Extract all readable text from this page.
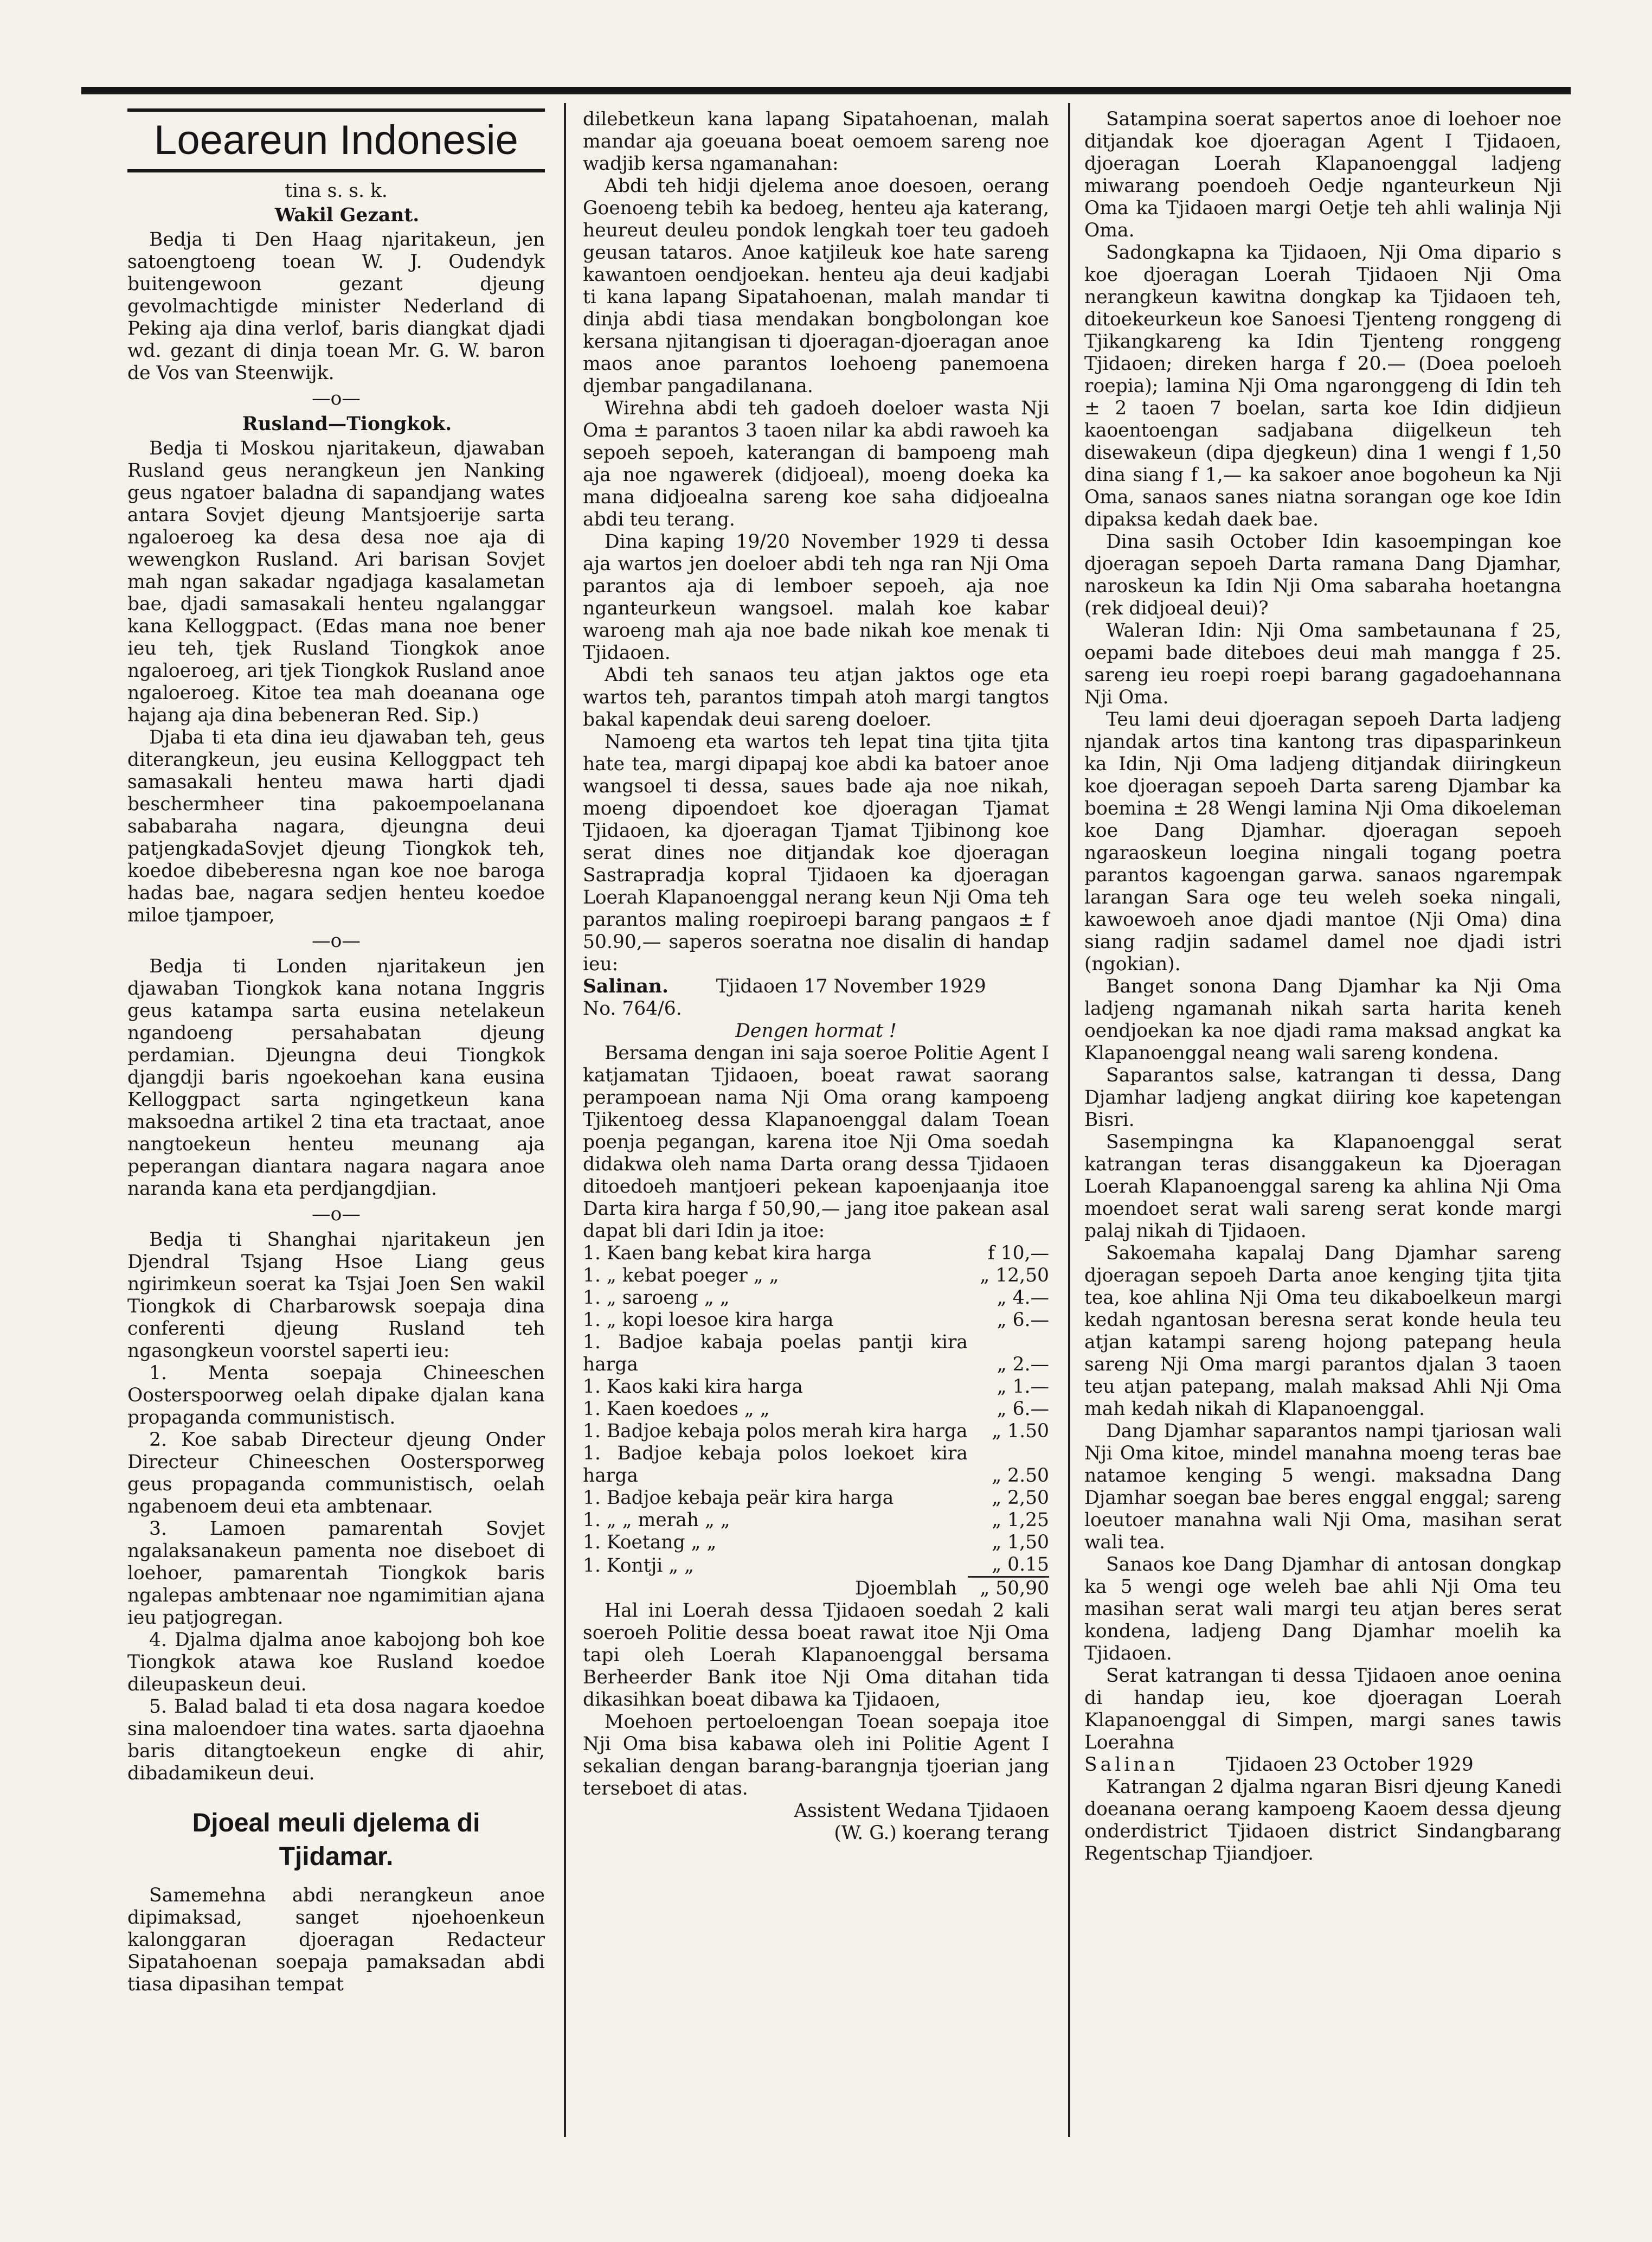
Loeareun Indonesie

tina s. s. k.

Wakil Gezant.

Bedja ti Den Haag njaritakeun, jen satoengtoeng toean W. J. Oudendyk buitengewoon gezant djeung gevolmachtigde minister Nederland di Peking aja dina verlof, baris diangkat djadi wd. gezant di dinja toean Mr. G. W. baron de Vos van Steenwijk.

—o—

Rusland—Tiongkok.

Bedja ti Moskou njaritakeun, djawaban Rusland geus nerangkeun jen Nanking geus ngatoer baladna di sapandjang wates antara Sovjet djeung Mantsjoerije sarta ngaloeroeg ka desa desa noe aja di wewengkon Rusland. Ari barisan Sovjet mah ngan sakadar ngadjaga kasalametan bae, djadi samasakali henteu ngalanggar kana Kelloggpact. (Edas mana noe bener ieu teh, tjek Rusland Tiongkok anoe ngaloeroeg, ari tjek Tiongkok Rusland anoe ngaloeroeg. Kitoe tea mah doeanana oge hajang aja dina bebeneran Red. Sip.)

Djaba ti eta dina ieu djawaban teh, geus diterangkeun, jeu eusina Kelloggpact teh samasakali henteu mawa harti djadi beschermheer tina pakoempoelanana sababaraha nagara, djeungna deui patjengkadaSovjet djeung Tiongkok teh, koedoe dibeberesna ngan koe noe baroga hadas bae, nagara sedjen henteu koedoe miloe tjampoer,

—o—

Bedja ti Londen njaritakeun jen djawaban Tiongkok kana notana Inggris geus katampa sarta eusina netelakeun ngandoeng persahabatan djeung perdamian. Djeungna deui Tiongkok djangdji baris ngoekoehan kana eusina Kelloggpact sarta ngingetkeun kana maksoedna artikel 2 tina eta tractaat, anoe nangtoekeun henteu meunang aja peperangan diantara nagara nagara anoe naranda kana eta perdjangdjian.

—o—

Bedja ti Shanghai njaritakeun jen Djendral Tsjang Hsoe Liang geus ngirimkeun soerat ka Tsjai Joen Sen wakil Tiongkok di Charbarowsk soepaja dina conferenti djeung Rusland teh ngasongkeun voorstel saperti ieu:

1. Menta soepaja Chineeschen Oosterspoorweg oelah dipake djalan kana propaganda communistisch.

2. Koe sabab Directeur djeung Onder Directeur Chineeschen Oostersporweg geus propaganda communistisch, oelah ngabenoem deui eta ambtenaar.

3. Lamoen pamarentah Sovjet ngalaksanakeun pamenta noe diseboet di loehoer, pamarentah Tiongkok baris ngalepas ambtenaar noe ngamimitian ajana ieu patjogregan.

4. Djalma djalma anoe kabojong boh koe Tiongkok atawa koe Rusland koedoe dileupaskeun deui.

5. Balad balad ti eta dosa nagara koedoe sina maloendoer tina wates. sarta djaoehna baris ditangtoekeun engke di ahir, dibadamikeun deui.

Djoeal meuli djelema di
Tjidamar.

Samemehna abdi nerangkeun anoe dipimaksad, sanget njoehoenkeun kalonggaran djoeragan Redacteur Sipatahoenan soepaja pamaksadan abdi tiasa dipasihan tempat

dilebetkeun kana lapang Sipatahoenan, malah mandar aja goeuana boeat oemoem sareng noe wadjib kersa ngamanahan:

Abdi teh hidji djelema anoe doesoen, oerang Goenoeng tebih ka bedoeg, henteu aja katerang, heureut deuleu pondok lengkah toer teu gadoeh geusan tataros. Anoe katjileuk koe hate sareng kawantoen oendjoekan. henteu aja deui kadjabi ti kana lapang Sipatahoenan, malah mandar ti dinja abdi tiasa mendakan bongbolongan koe kersana njitangisan ti djoeragan-djoeragan anoe maos anoe parantos loehoeng panemoena djembar pangadilanana.

Wirehna abdi teh gadoeh doeloer wasta Nji Oma ± parantos 3 taoen nilar ka abdi rawoeh ka sepoeh sepoeh, katerangan di bampoeng mah aja noe ngawerek (didjoeal), moeng doeka ka mana didjoealna sareng koe saha didjoealna abdi teu terang.

Dina kaping 19/20 November 1929 ti dessa aja wartos jen doeloer abdi teh nga ran Nji Oma parantos aja di lemboer sepoeh, aja noe nganteurkeun wangsoel. malah koe kabar waroeng mah aja noe bade nikah koe menak ti Tjidaoen.

Abdi teh sanaos teu atjan jaktos oge eta wartos teh, parantos timpah atoh margi tangtos bakal kapendak deui sareng doeloer.

Namoeng eta wartos teh lepat tina tjita tjita hate tea, margi dipapaj koe abdi ka batoer anoe wangsoel ti dessa, saues bade aja noe nikah, moeng dipoendoet koe djoeragan Tjamat Tjidaoen, ka djoeragan Tjamat Tjibinong koe serat dines noe ditjandak koe djoeragan Sastrapradja kopral Tjidaoen ka djoeragan Loerah Klapanoenggal nerang keun Nji Oma teh parantos maling roepiroepi barang pangaos ± f 50.90,— saperos soeratna noe disalin di handap ieu:

Salinan.	Tjidaoen 17 November 1929

No. 764/6.

Dengen hormat !

Bersama dengan ini saja soeroe Politie Agent I katjamatan Tjidaoen, boeat rawat saorang perampoean nama Nji Oma orang kampoeng Tjikentoeg dessa Klapanoenggal dalam Toean poenja pegangan, karena itoe Nji Oma soedah didakwa oleh nama Darta orang dessa Tjidaoen ditoedoeh mantjoeri pekean kapoenjaanja itoe Darta kira harga f 50,90,— jang itoe pakean asal dapat bli dari Idin ja itoe:

1. Kaen bang kebat kira harga	f 10,—
1. „ kebat poeger „ „	„ 12,50
1. „ saroeng „ „	„ 4.—
1. „ kopi loesoe kira harga	„ 6.—
1. Badjoe kabaja poelas pantji kira harga	„ 2.—
1. Kaos kaki kira harga	„ 1.—
1. Kaen koedoes „ „	„ 6.—
1. Badjoe kebaja polos merah kira harga	„ 1.50
1. Badjoe kebaja polos loekoet kira harga	„ 2.50
1. Badjoe kebaja peär kira harga	„ 2,50
1. „ „ merah „ „	„ 1,25
1. Koetang „ „	„ 1,50
1. Kontji „ „	„ 0.15
Djoemblah	„ 50,90

Hal ini Loerah dessa Tjidaoen soedah 2 kali soeroeh Politie dessa boeat rawat itoe Nji Oma tapi oleh Loerah Klapanoenggal bersama Berheerder Bank itoe Nji Oma ditahan tida dikasihkan boeat dibawa ka Tjidaoen,

Moehoen pertoeloengan Toean soepaja itoe Nji Oma bisa kabawa oleh ini Politie Agent I sekalian dengan barang-barangnja tjoerian jang terseboet di atas.

Assistent Wedana Tjidaoen

(W. G.) koerang terang

Satampina soerat sapertos anoe di loehoer noe ditjandak koe djoeragan Agent I Tjidaoen, djoeragan Loerah Klapanoenggal ladjeng miwarang poendoeh Oedje nganteurkeun Nji Oma ka Tjidaoen margi Oetje teh ahli walinja Nji Oma.

Sadongkapna ka Tjidaoen, Nji Oma dipario s koe djoeragan Loerah Tjidaoen Nji Oma nerangkeun kawitna dongkap ka Tjidaoen teh, ditoekeurkeun koe Sanoesi Tjenteng ronggeng di Tjikangkareng ka Idin Tjenteng ronggeng Tjidaoen; direken harga f 20.— (Doea poeloeh roepia); lamina Nji Oma ngaronggeng di Idin teh ± 2 taoen 7 boelan, sarta koe Idin didjieun kaoentoengan sadjabana diigelkeun teh disewakeun (dipa djegkeun) dina 1 wengi f 1,50 dina siang f 1,— ka sakoer anoe bogoheun ka Nji Oma, sanaos sanes niatna sorangan oge koe Idin dipaksa kedah daek bae.

Dina sasih October Idin kasoempingan koe djoeragan sepoeh Darta ramana Dang Djamhar, naroskeun ka Idin Nji Oma sabaraha hoetangna (rek didjoeal deui)?

Waleran Idin: Nji Oma sambetaunana f 25, oepami bade diteboes deui mah mangga f 25. sareng ieu roepi roepi barang gagadoehannana Nji Oma.

Teu lami deui djoeragan sepoeh Darta ladjeng njandak artos tina kantong tras dipasparinkeun ka Idin, Nji Oma ladjeng ditjandak diiringkeun koe djoeragan sepoeh Darta sareng Djambar ka boemina ± 28 Wengi lamina Nji Oma dikoeleman koe Dang Djamhar. djoeragan sepoeh ngaraoskeun loegina ningali togang poetra parantos kagoengan garwa. sanaos ngarempak larangan Sara oge teu weleh soeka ningali, kawoewoeh anoe djadi mantoe (Nji Oma) dina siang radjin sadamel damel noe djadi istri (ngokian).

Banget sonona Dang Djamhar ka Nji Oma ladjeng ngamanah nikah sarta harita keneh oendjoekan ka noe djadi rama maksad angkat ka Klapanoenggal neang wali sareng kondena.

Saparantos salse, katrangan ti dessa, Dang Djamhar ladjeng angkat diiring koe kapetengan Bisri.

Sasempingna ka Klapanoenggal serat katrangan teras disanggakeun ka Djoeragan Loerah Klapanoenggal sareng ka ahlina Nji Oma moendoet serat wali sareng serat konde margi palaj nikah di Tjidaoen.

Sakoemaha kapalaj Dang Djamhar sareng djoeragan sepoeh Darta anoe kenging tjita tjita tea, koe ahlina Nji Oma teu dikaboelkeun margi kedah ngantosan beresna serat konde heula teu atjan katampi sareng hojong patepang heula sareng Nji Oma margi parantos djalan 3 taoen teu atjan patepang, malah maksad Ahli Nji Oma mah kedah nikah di Klapanoenggal.

Dang Djamhar saparantos nampi tjariosan wali Nji Oma kitoe, mindel manahna moeng teras bae natamoe kenging 5 wengi. maksadna Dang Djamhar soegan bae beres enggal enggal; sareng loeutoer manahna wali Nji Oma, masihan serat wali tea.

Sanaos koe Dang Djamhar di antosan dongkap ka 5 wengi oge weleh bae ahli Nji Oma teu masihan serat wali margi teu atjan beres serat kondena, ladjeng Dang Djamhar moelih ka Tjidaoen.

Serat katrangan ti dessa Tjidaoen anoe oenina di handap ieu, koe djoeragan Loerah Klapanoenggal di Simpen, margi sanes tawis Loerahna

Salinan	Tjidaoen 23 October 1929

Katrangan 2 djalma ngaran Bisri djeung Kanedi doeanana oerang kampoeng Kaoem dessa djeung onderdistrict Tjidaoen district Sindangbarang Regentschap Tjiandjoer.
